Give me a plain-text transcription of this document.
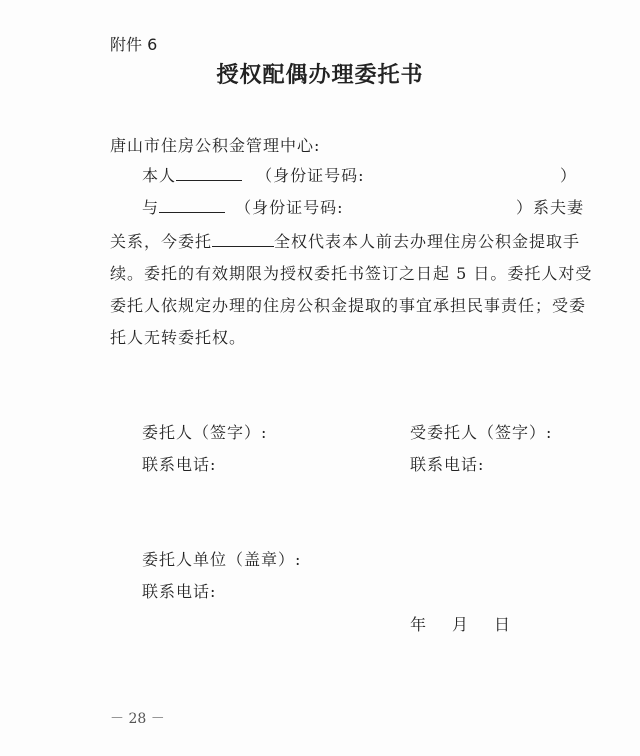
附件 6
授权配偶办理委托书
唐山市住房公积金管理中心:
本人	（身份证号码:	）
与	（身份证号码:	）系夫妻
关系，今委托	全权代表本人前去办理住房公积金提取手
续。委托的有效期限为授权委托书签订之日起 5 日。委托人对受
委托人依规定办理的住房公积金提取的事宜承担民事责任；受委
托人无转委托权。
委托人（签字）:
联系电话:
受委托人（签字）:
联系电话:
委托人单位（盖章）:
联系电话:
年 月 日
－ 28 －
